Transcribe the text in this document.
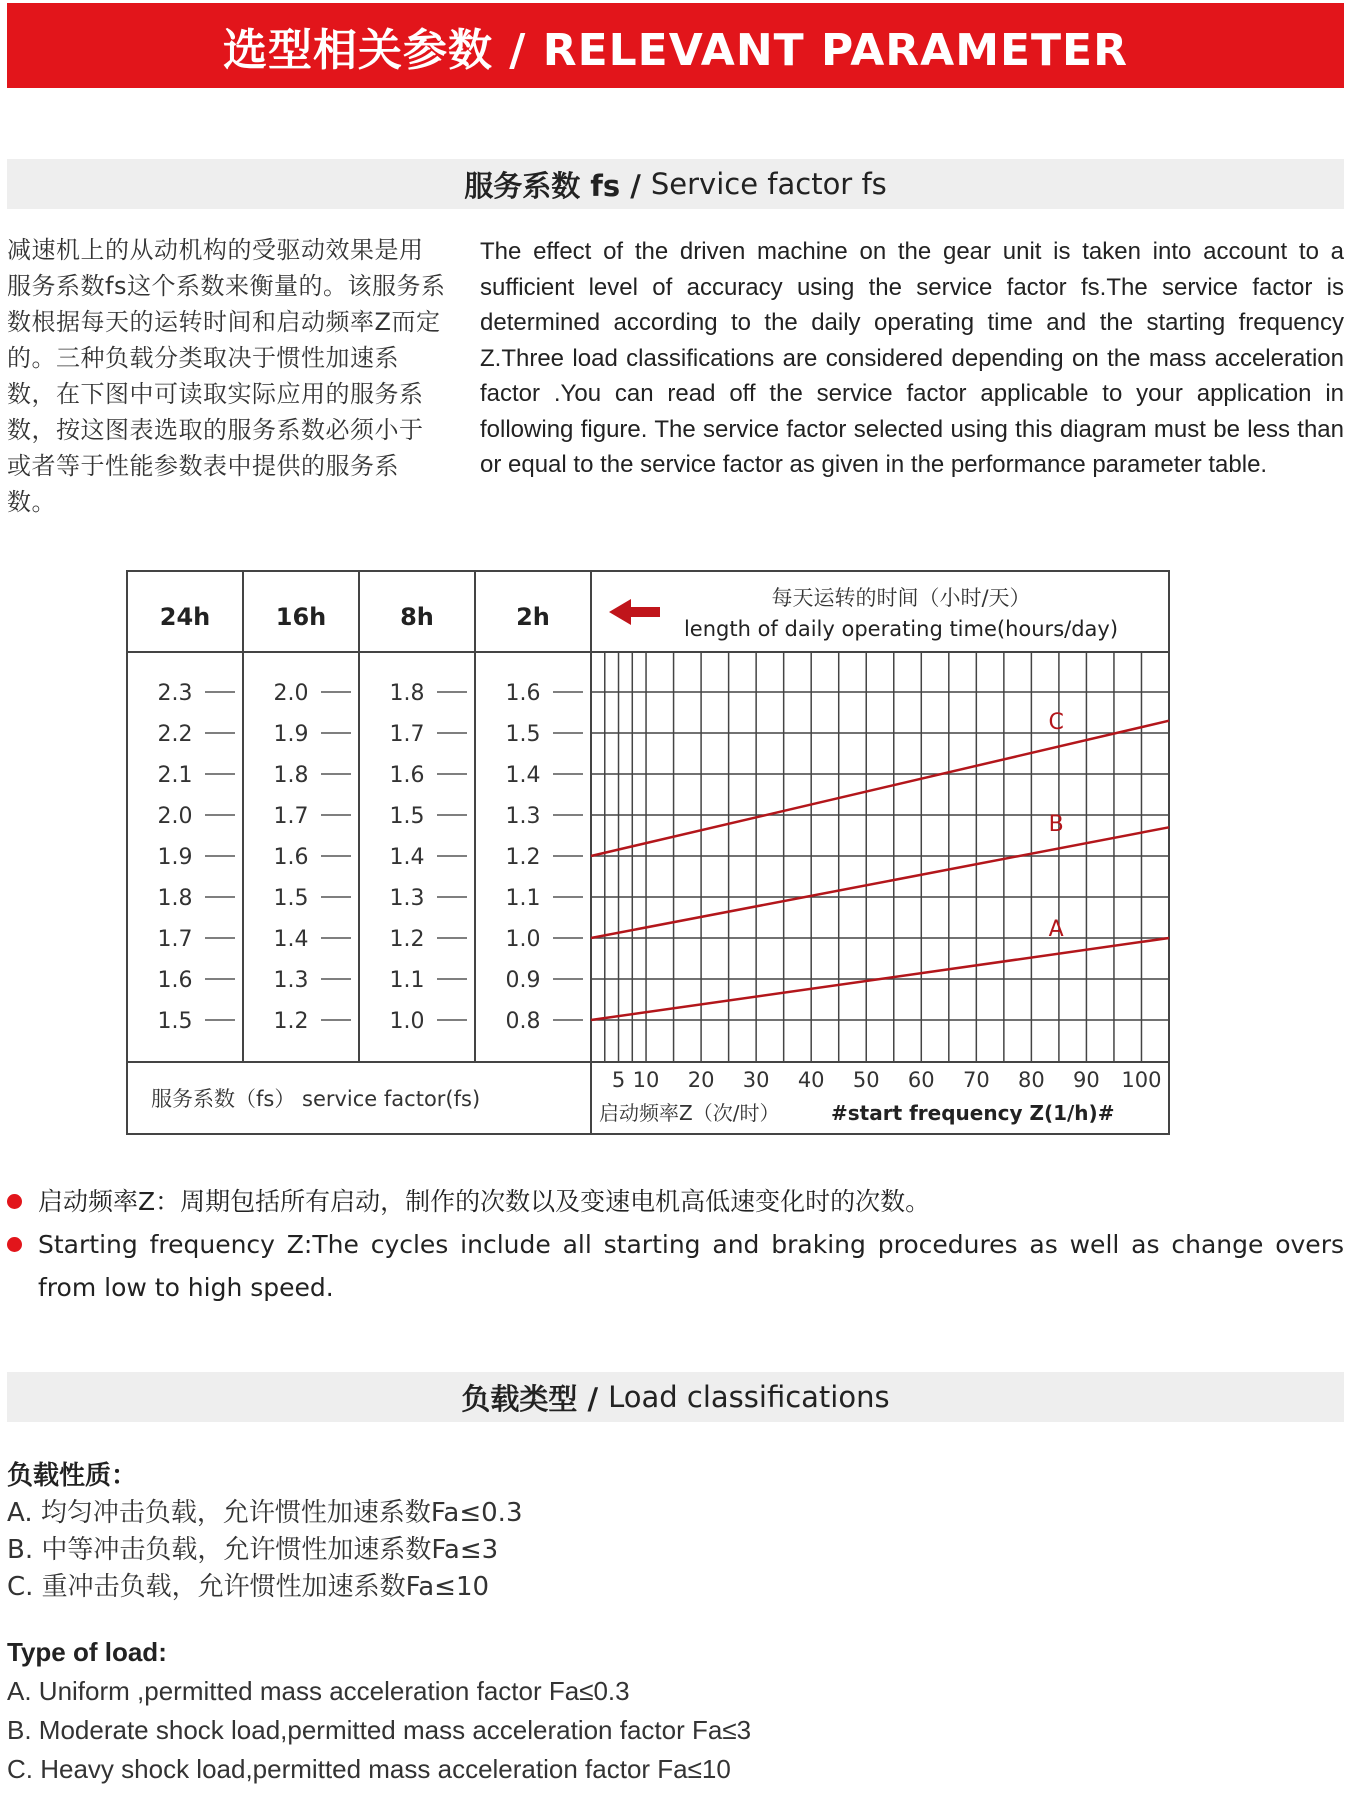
选型相关参数 / RELEVANT PARAMETER
服务系数 fs / Service factor fs
减速机上的从动机构的受驱动效果是用服务系数fs这个系数来衡量的。该服务系数根据每天的运转时间和启动频率Z而定的。三种负载分类取决于惯性加速系数，在下图中可读取实际应用的服务系数，按这图表选取的服务系数必须小于或者等于性能参数表中提供的服务系数。
The effect of the driven machine on the gear unit is taken into account to a sufficient level of accuracy using the service factor fs.The service factor is determined according to the daily operating time and the starting frequency Z.Three load classifications are considered depending on the mass acceleration factor .You can read off the service factor applicable to your application in following figure. The service factor selected using this diagram must be less than or equal to the service factor as given in the performance parameter table.
24h	16h	8h	2h
每天运转的时间（小时/天）
length of daily operating time(hours/day)
2.3
2.2
2.1
2.0
1.9
1.8
1.7
1.6
1.5
2.0
1.9
1.8
1.7
1.6
1.5
1.4
1.3
1.2
1.8
1.7
1.6
1.5
1.4
1.3
1.2
1.1
1.0
1.6
1.5
1.4
1.3
1.2
1.1
1.0
0.9
0.8
A
B
C
5 10 20 30 40 50 60 70 80 90 100
服务系数（fs） service factor(fs)
启动频率Z（次/时）	#start frequency Z(1/h)#
启动频率Z：周期包括所有启动，制作的次数以及变速电机高低速变化时的次数。
Starting frequency Z:The cycles include all starting and braking procedures as well as change overs from low to high speed.
负载类型 / Load classifications
负载性质：
A. 均匀冲击负载，允许惯性加速系数Fa≤0.3
B. 中等冲击负载，允许惯性加速系数Fa≤3
C. 重冲击负载，允许惯性加速系数Fa≤10
Type of load:
A. Uniform ,permitted mass acceleration factor Fa≤0.3
B. Moderate shock load,permitted mass acceleration factor Fa≤3
C. Heavy shock load,permitted mass acceleration factor Fa≤10
